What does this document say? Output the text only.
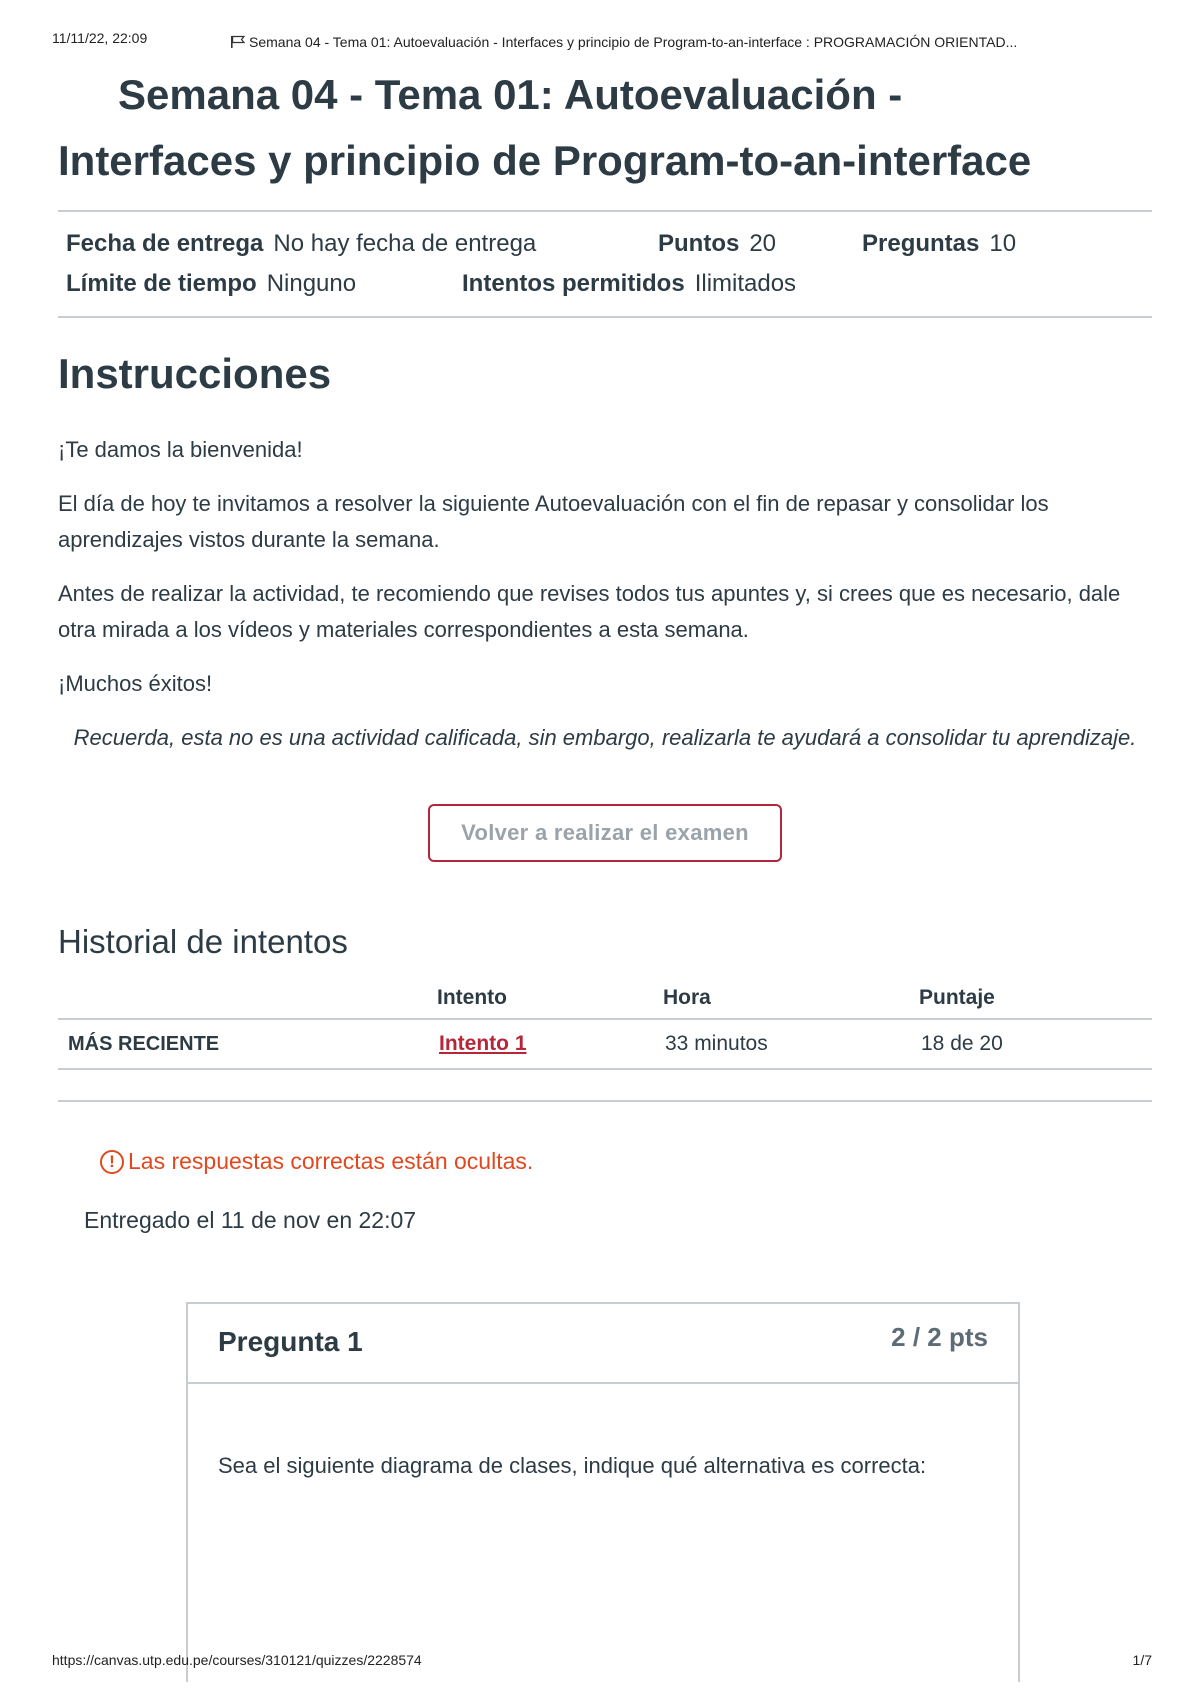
11/11/22, 22:09	Semana 04 - Tema 01: Autoevaluación - Interfaces y principio de Program-to-an-interface : PROGRAMACIÓN ORIENTAD...
Semana 04 - Tema 01: Autoevaluación -
Interfaces y principio de Program-to-an-interface
Fecha de entrega No hay fecha de entrega	Puntos 20	Preguntas 10
Límite de tiempo Ninguno	Intentos permitidos Ilimitados
Instrucciones

¡Te damos la bienvenida!

El día de hoy te invitamos a resolver la siguiente Autoevaluación con el fin de repasar y consolidar los aprendizajes vistos durante la semana.

Antes de realizar la actividad, te recomiendo que revises todos tus apuntes y, si crees que es necesario, dale otra mirada a los vídeos y materiales correspondientes a esta semana.

¡Muchos éxitos!

Recuerda, esta no es una actividad calificada, sin embargo, realizarla te ayudará a consolidar tu aprendizaje.

Volver a realizar el examen
Historial de intentos
	Intento	Hora	Puntaje
MÁS RECIENTE	Intento 1	33 minutos	18 de 20
! Las respuestas correctas están ocultas.
Entregado el 11 de nov en 22:07
Pregunta 1	2 / 2 pts
Sea el siguiente diagrama de clases, indique qué alternativa es correcta:
https://canvas.utp.edu.pe/courses/310121/quizzes/2228574	1/7
